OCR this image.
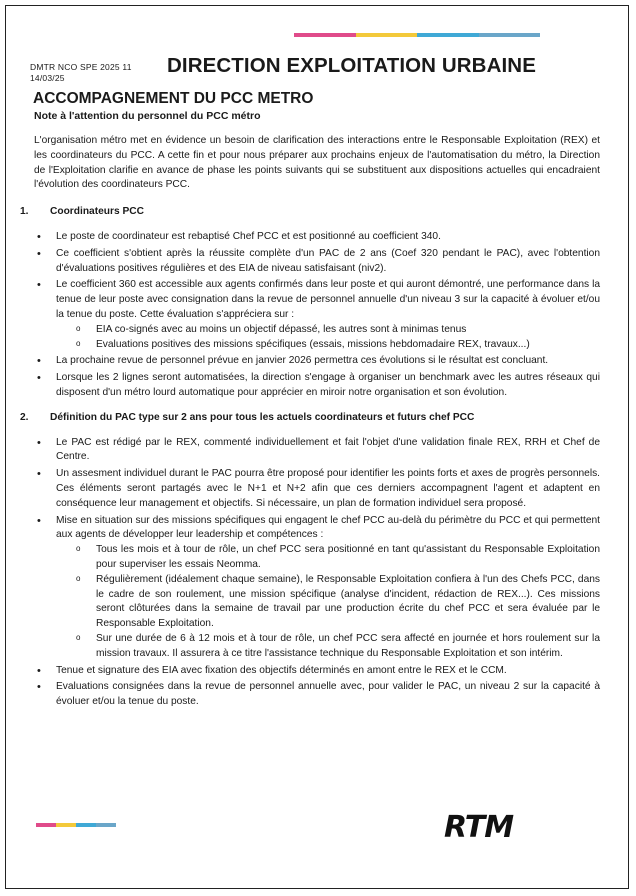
DMTR NCO SPE 2025 11
14/03/25
DIRECTION EXPLOITATION URBAINE
ACCOMPAGNEMENT DU PCC METRO
Note à l'attention du personnel du PCC métro

L'organisation métro met en évidence un besoin de clarification des interactions entre le Responsable Exploitation (REX) et les coordinateurs du PCC. A cette fin et pour nous préparer aux prochains enjeux de l'automatisation du métro, la Direction de l'Exploitation clarifie en avance de phase les points suivants qui se substituent aux dispositions actuelles qui encadraient l'évolution des coordinateurs PCC.

1. Coordinateurs PCC
• Le poste de coordinateur est rebaptisé Chef PCC et est positionné au coefficient 340.
• Ce coefficient s'obtient après la réussite complète d'un PAC de 2 ans (Coef 320 pendant le PAC), avec l'obtention d'évaluations positives régulières et des EIA de niveau satisfaisant (niv2).
• Le coefficient 360 est accessible aux agents confirmés dans leur poste et qui auront démontré, une performance dans la tenue de leur poste avec consignation dans la revue de personnel annuelle d'un niveau 3 sur la capacité à évoluer et/ou la tenue du poste. Cette évaluation s'appréciera sur :
o EIA co-signés avec au moins un objectif dépassé, les autres sont à minimas tenus
o Evaluations positives des missions spécifiques (essais, missions hebdomadaire REX, travaux...)
• La prochaine revue de personnel prévue en janvier 2026 permettra ces évolutions si le résultat est concluant.
• Lorsque les 2 lignes seront automatisées, la direction s'engage à organiser un benchmark avec les autres réseaux qui disposent d'un métro lourd automatique pour apprécier en miroir notre organisation et son évolution.
2. Définition du PAC type sur 2 ans pour tous les actuels coordinateurs et futurs chef PCC
• Le PAC est rédigé par le REX, commenté individuellement et fait l'objet d'une validation finale REX, RRH et Chef de Centre.
• Un assesment individuel durant le PAC pourra être proposé pour identifier les points forts et axes de progrès personnels. Ces éléments seront partagés avec le N+1 et N+2 afin que ces derniers accompagnent l'agent et adaptent en conséquence leur management et objectifs. Si nécessaire, un plan de formation individuel sera proposé.
• Mise en situation sur des missions spécifiques qui engagent le chef PCC au-delà du périmètre du PCC et qui permettent aux agents de développer leur leadership et compétences :
o Tous les mois et à tour de rôle, un chef PCC sera positionné en tant qu'assistant du Responsable Exploitation pour superviser les essais Neomma.
o Régulièrement (idéalement chaque semaine), le Responsable Exploitation confiera à l'un des Chefs PCC, dans le cadre de son roulement, une mission spécifique (analyse d'incident, rédaction de REX...). Ces missions seront clôturées dans la semaine de travail par une production écrite du chef PCC et sera évaluée par le Responsable Exploitation.
o Sur une durée de 6 à 12 mois et à tour de rôle, un chef PCC sera affecté en journée et hors roulement sur la mission travaux. Il assurera à ce titre l'assistance technique du Responsable Exploitation et son intérim.
• Tenue et signature des EIA avec fixation des objectifs déterminés en amont entre le REX et le CCM.
• Evaluations consignées dans la revue de personnel annuelle avec, pour valider le PAC, un niveau 2 sur la capacité à évoluer et/ou la tenue du poste.
RTM
